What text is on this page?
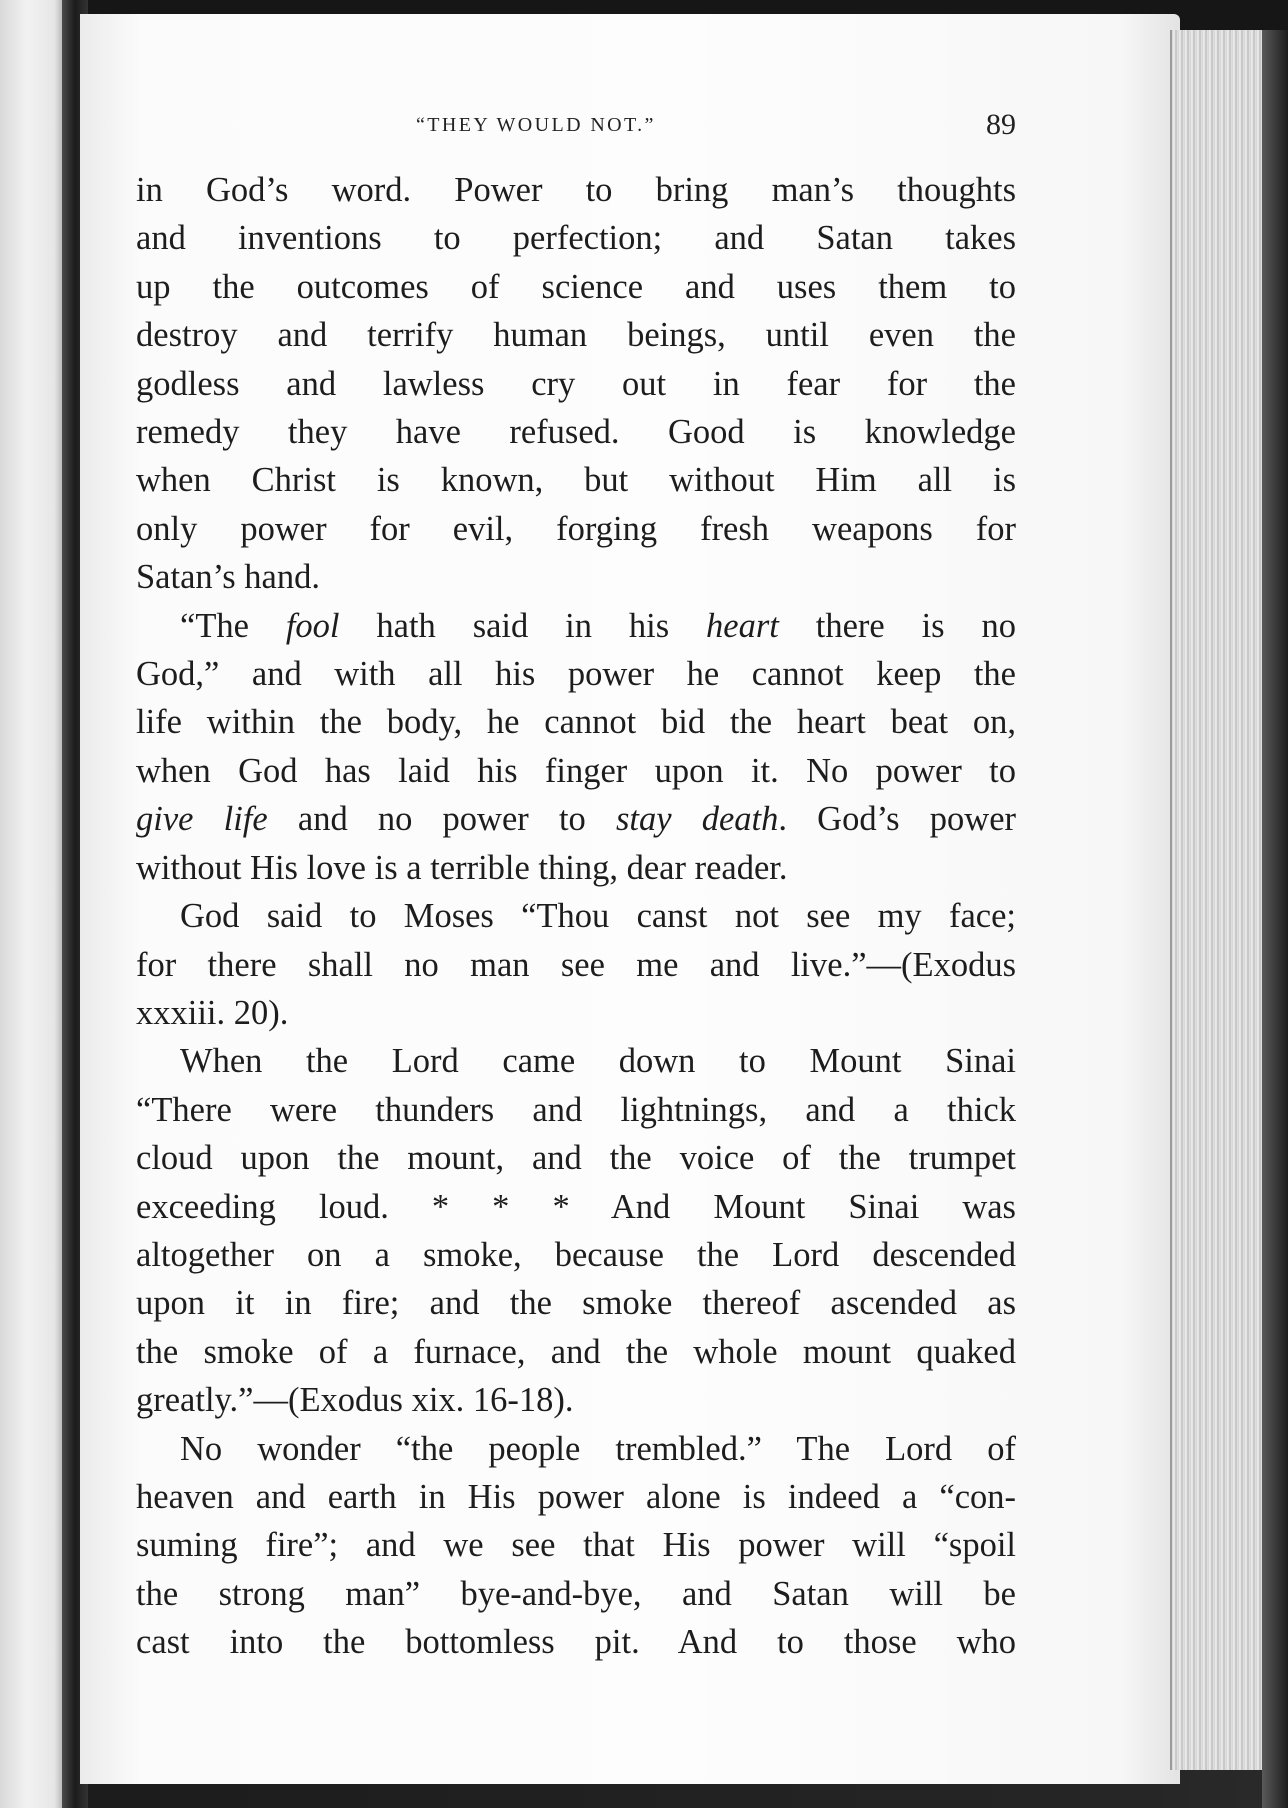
“THEY WOULD NOT.”	89

in God’s word. Power to bring man’s thoughts
and inventions to perfection; and Satan takes
up the outcomes of science and uses them to
destroy and terrify human beings, until even the
godless and lawless cry out in fear for the
remedy they have refused. Good is knowledge
when Christ is known, but without Him all is
only power for evil, forging fresh weapons for
Satan’s hand.

“The fool hath said in his heart there is no
God,” and with all his power he cannot keep the
life within the body, he cannot bid the heart beat on,
when God has laid his finger upon it. No power to
give life and no power to stay death. God’s power
without His love is a terrible thing, dear reader.

God said to Moses “Thou canst not see my face;
for there shall no man see me and live.”—(Exodus
xxxiii. 20).

When the Lord came down to Mount Sinai
“There were thunders and lightnings, and a thick
cloud upon the mount, and the voice of the trumpet
exceeding loud. * * * And Mount Sinai was
altogether on a smoke, because the Lord descended
upon it in fire; and the smoke thereof ascended as
the smoke of a furnace, and the whole mount quaked
greatly.”—(Exodus xix. 16-18).

No wonder “the people trembled.” The Lord of
heaven and earth in His power alone is indeed a “con-
suming fire”; and we see that His power will “spoil
the strong man” bye-and-bye, and Satan will be
cast into the bottomless pit. And to those who
